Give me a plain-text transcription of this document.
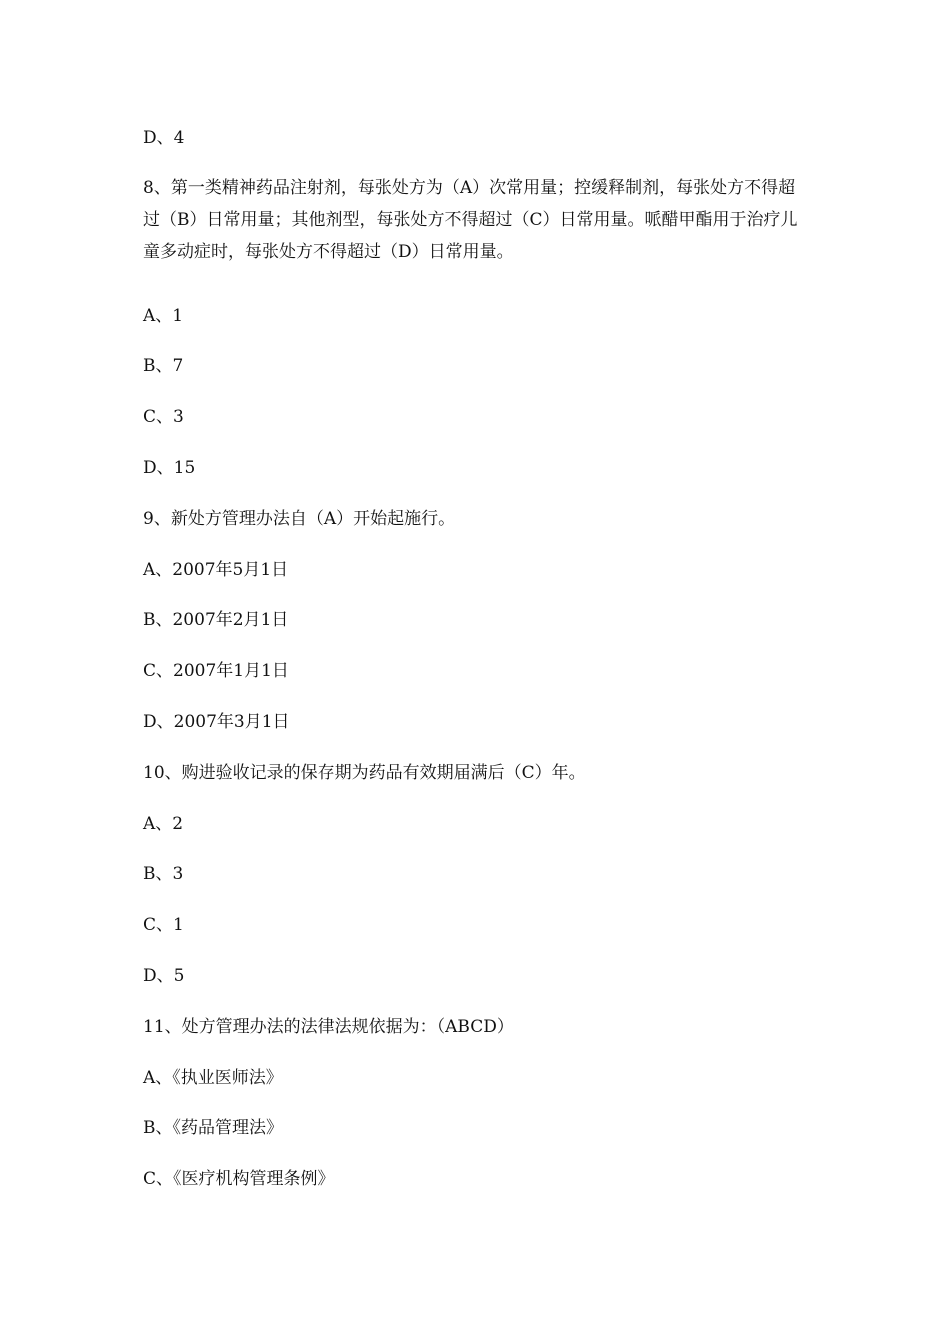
D、4
8、第一类精神药品注射剂，每张处方为（A）次常用量；控缓释制剂，每张处方不得超过（B）日常用量；其他剂型，每张处方不得超过（C）日常用量。哌醋甲酯用于治疗儿童多动症时，每张处方不得超过（D）日常用量。
A、1
B、7
C、3
D、15
9、新处方管理办法自（A）开始起施行。
A、2007年5月1日
B、2007年2月1日
C、2007年1月1日
D、2007年3月1日
10、购进验收记录的保存期为药品有效期届满后（C）年。
A、2
B、3
C、1
D、5
11、处方管理办法的法律法规依据为：（ABCD）
A、《执业医师法》
B、《药品管理法》
C、《医疗机构管理条例》
